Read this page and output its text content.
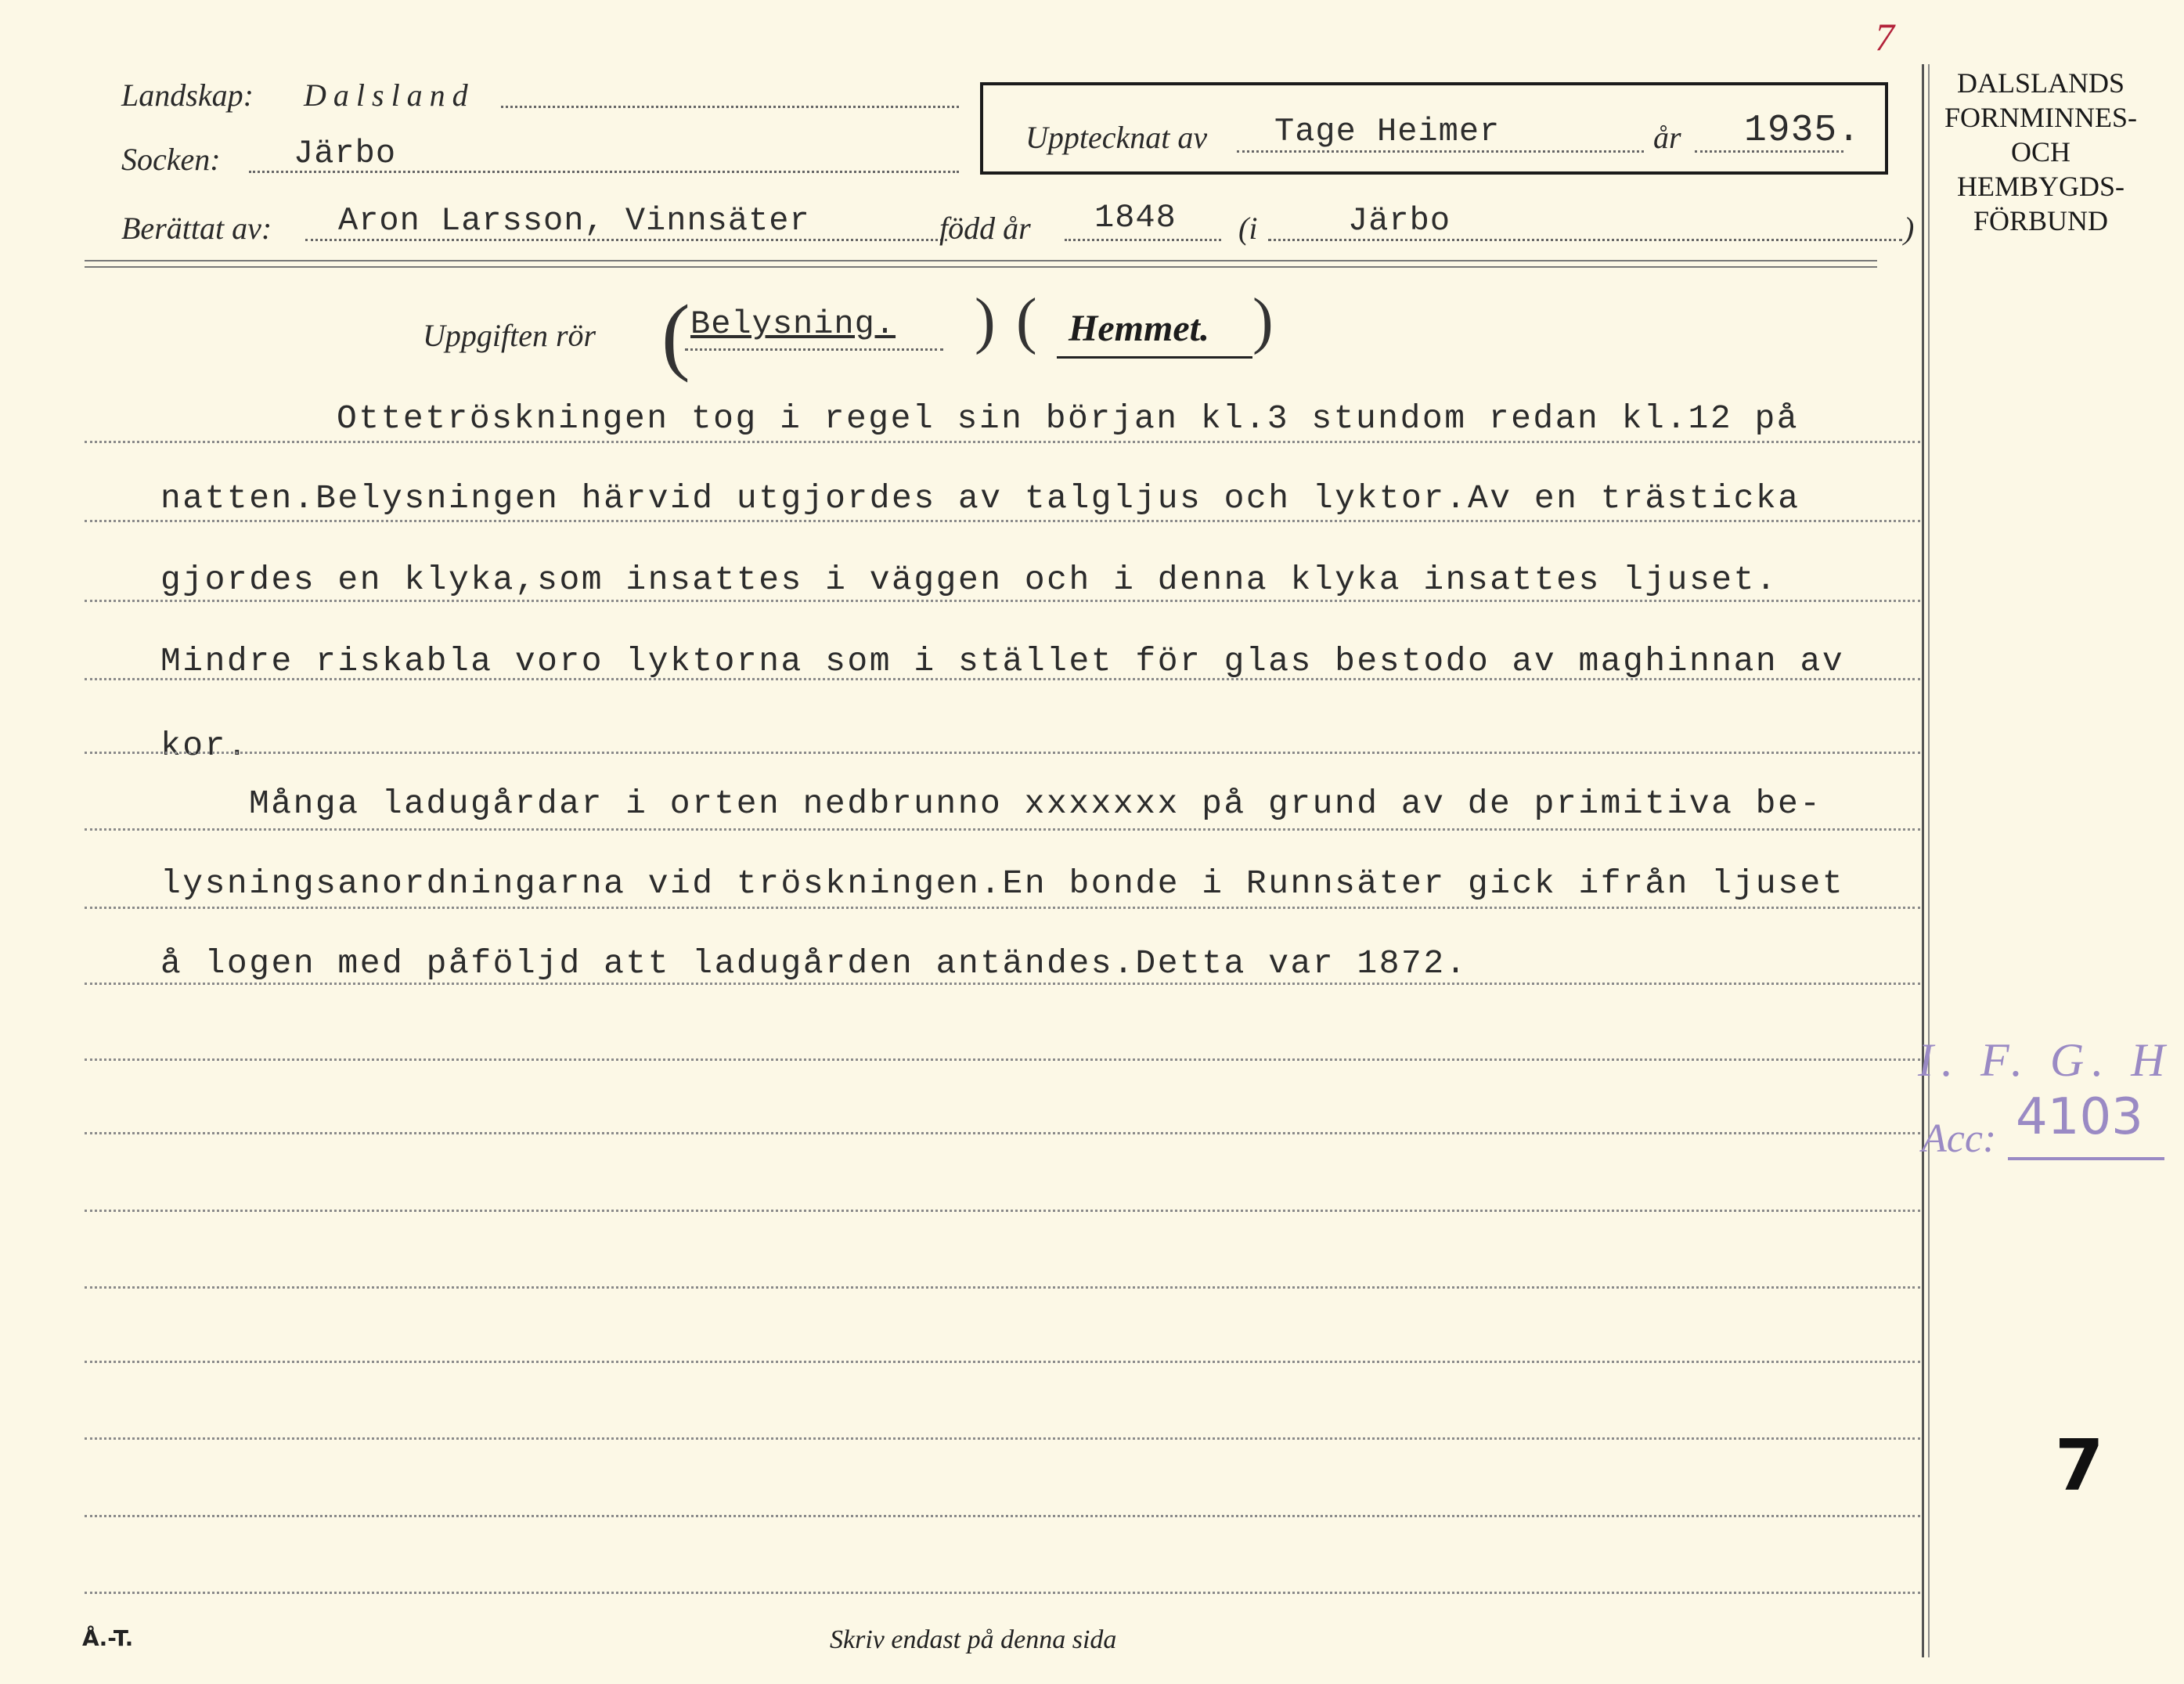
7
Landskap: Dalsland
Socken: Järbo	Upptecknat av Tage Heimer	år 1935.
Berättat av: Aron Larsson, Vinnsäter	född år 1848 (i	Järbo	)
DALSLANDS
FORNMINNES-
OCH
HEMBYGDS-
FÖRBUND
Uppgiften rör ( Belysning. ) ( Hemmet. )
Ottetröskningen tog i regel sin början kl.3 stundom redan kl.12 på
natten.Belysningen härvid utgjordes av talgljus och lyktor.Av en trästicka
gjordes en klyka,som insattes i väggen och i denna klyka insattes ljuset.
Mindre riskabla voro lyktorna som i stället för glas bestodo av maghinnan av
kor.
Många ladugårdar i orten nedbrunno xxxxxxx på grund av de primitiva be-
lysningsanordningarna vid tröskningen.En bonde i Runnsäter gick ifrån ljuset
å logen med påföljd att ladugården antändes.Detta var 1872.
I. F. G. H
Acc: 4103
7
Å.-T.	Skriv endast på denna sida
